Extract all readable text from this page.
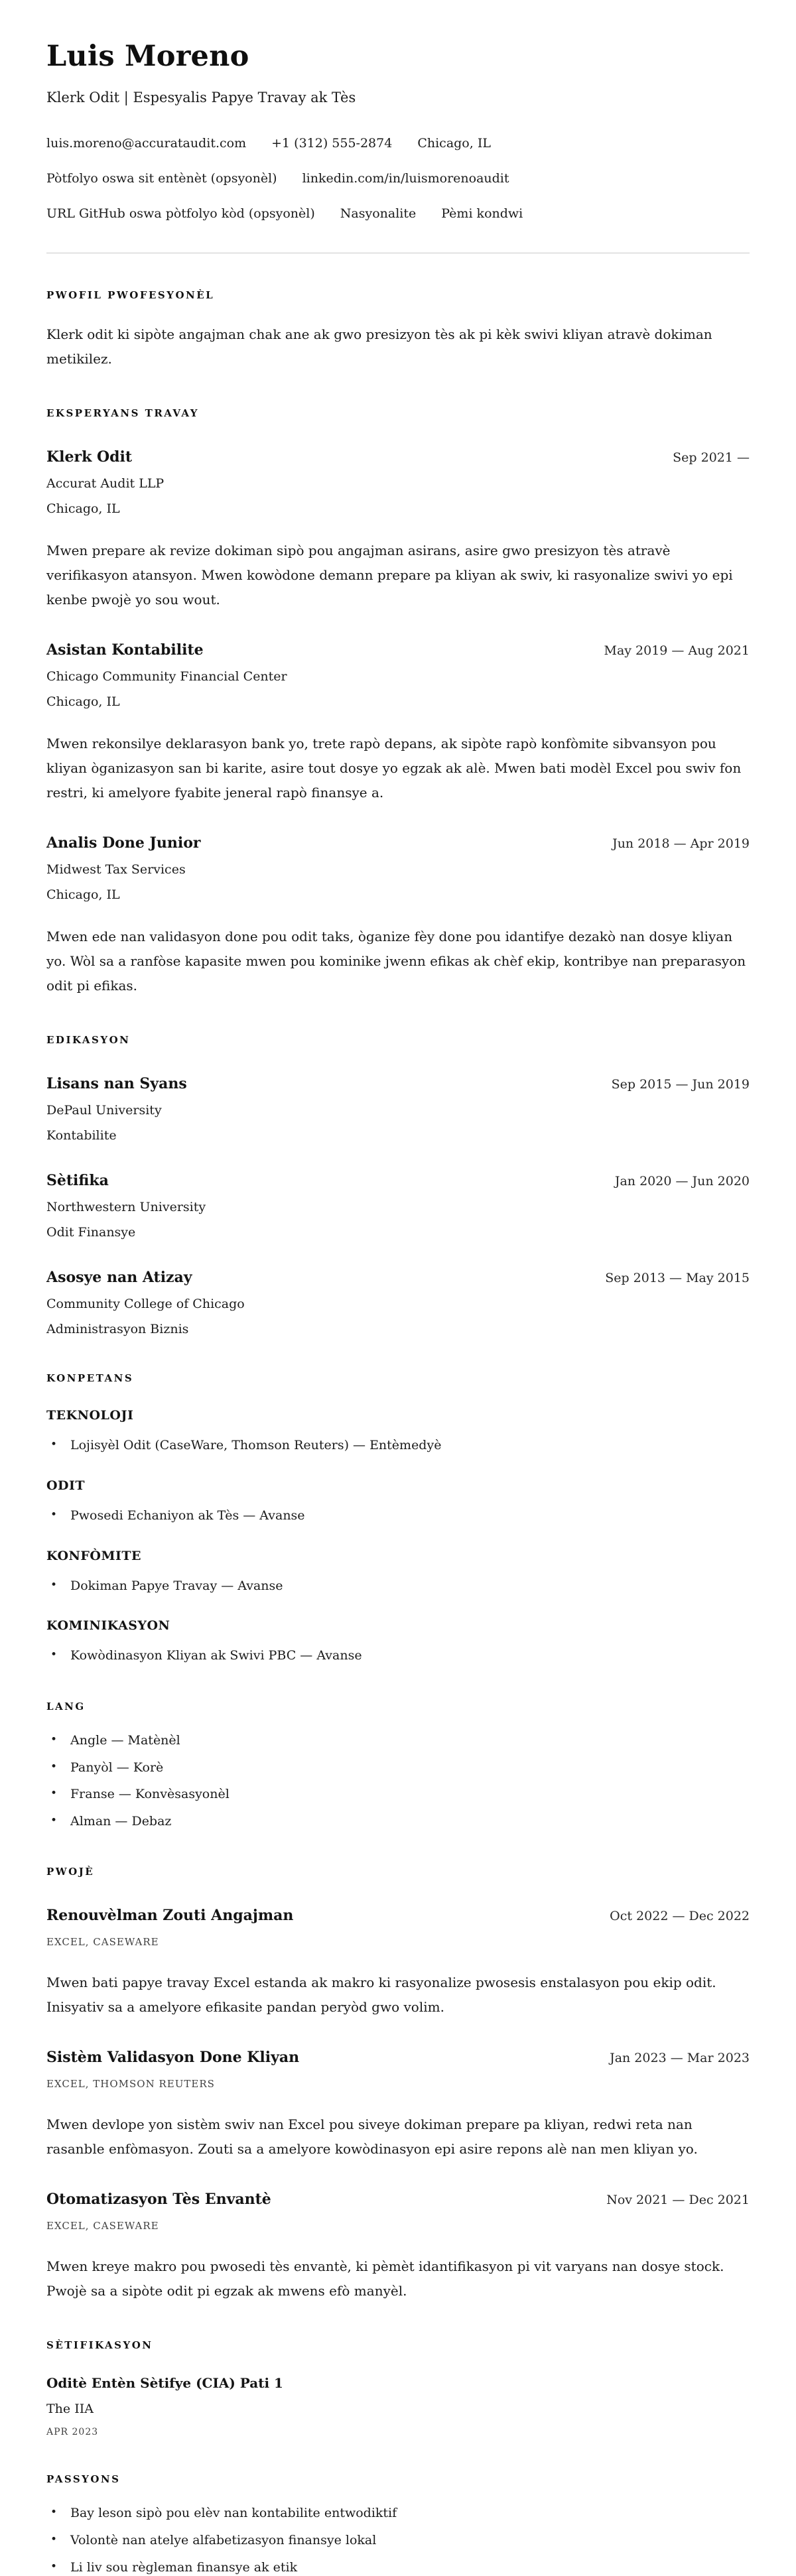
Luis Moreno

Klerk Odit | Espesyalis Papye Travay ak Tès

luis.moreno@accurataudit.com +1 (312) 555-2874 Chicago, IL
Pòtfolyo oswa sit entènèt (opsyonèl) linkedin.com/in/luismorenoaudit
URL GitHub oswa pòtfolyo kòd (opsyonèl) Nasyonalite Pèmi kondwi
PWOFIL PWOFESYONÈL

Klerk odit ki sipòte angajman chak ane ak gwo presizyon tès ak pi kèk swivi kliyan atravè dokiman metikilez.

EKSPERYANS TRAVAY
Klerk Odit	Sep 2021 —

Accurat Audit LLP

Chicago, IL

Mwen prepare ak revize dokiman sipò pou angajman asirans, asire gwo presizyon tès atravè verifikasyon atansyon. Mwen kowòdone demann prepare pa kliyan ak swiv, ki rasyonalize swivi yo epi kenbe pwojè yo sou wout.

Asistan Kontabilite	May 2019 — Aug 2021

Chicago Community Financial Center

Chicago, IL

Mwen rekonsilye deklarasyon bank yo, trete rapò depans, ak sipòte rapò konfòmite sibvansyon pou kliyan òganizasyon san bi karite, asire tout dosye yo egzak ak alè. Mwen bati modèl Excel pou swiv fon restri, ki amelyore fyabite jeneral rapò finansye a.

Analis Done Junior	Jun 2018 — Apr 2019

Midwest Tax Services

Chicago, IL

Mwen ede nan validasyon done pou odit taks, òganize fèy done pou idantifye dezakò nan dosye kliyan yo. Wòl sa a ranfòse kapasite mwen pou kominike jwenn efikas ak chèf ekip, kontribye nan preparasyon odit pi efikas.

EDIKASYON
Lisans nan Syans	Sep 2015 — Jun 2019

DePaul University

Kontabilite

Sètifika	Jan 2020 — Jun 2020

Northwestern University

Odit Finansye

Asosye nan Atizay	Sep 2013 — May 2015

Community College of Chicago

Administrasyon Biznis

KONPETANS
TEKNOLOJI
• Lojisyèl Odit (CaseWare, Thomson Reuters) — Entèmedyè
ODIT
• Pwosedi Echaniyon ak Tès — Avanse
KONFÒMITE
• Dokiman Papye Travay — Avanse
KOMINIKASYON
• Kowòdinasyon Kliyan ak Swivi PBC — Avanse
LANG
• Angle — Matènèl
• Panyòl — Korè
• Franse — Konvèsasyonèl
• Alman — Debaz
PWOJÈ
Renouvèlman Zouti Angajman	Oct 2022 — Dec 2022

EXCEL, CASEWARE

Mwen bati papye travay Excel estanda ak makro ki rasyonalize pwosesis enstalasyon pou ekip odit. Inisyativ sa a amelyore efikasite pandan peryòd gwo volim.

Sistèm Validasyon Done Kliyan	Jan 2023 — Mar 2023

EXCEL, THOMSON REUTERS

Mwen devlope yon sistèm swiv nan Excel pou siveye dokiman prepare pa kliyan, redwi reta nan rasanble enfòmasyon. Zouti sa a amelyore kowòdinasyon epi asire repons alè nan men kliyan yo.

Otomatizasyon Tès Envantè	Nov 2021 — Dec 2021

EXCEL, CASEWARE

Mwen kreye makro pou pwosedi tès envantè, ki pèmèt idantifikasyon pi vit varyans nan dosye stock. Pwojè sa a sipòte odit pi egzak ak mwens efò manyèl.

SÈTIFIKASYON

Oditè Entèn Sètifye (CIA) Pati 1

The IIA

APR 2023

PASSYONS
• Bay leson sipò pou elèv nan kontabilite entwodiktif
• Volontè nan atelye alfabetizasyon finansye lokal
• Li liv sou règleman finansye ak etik
